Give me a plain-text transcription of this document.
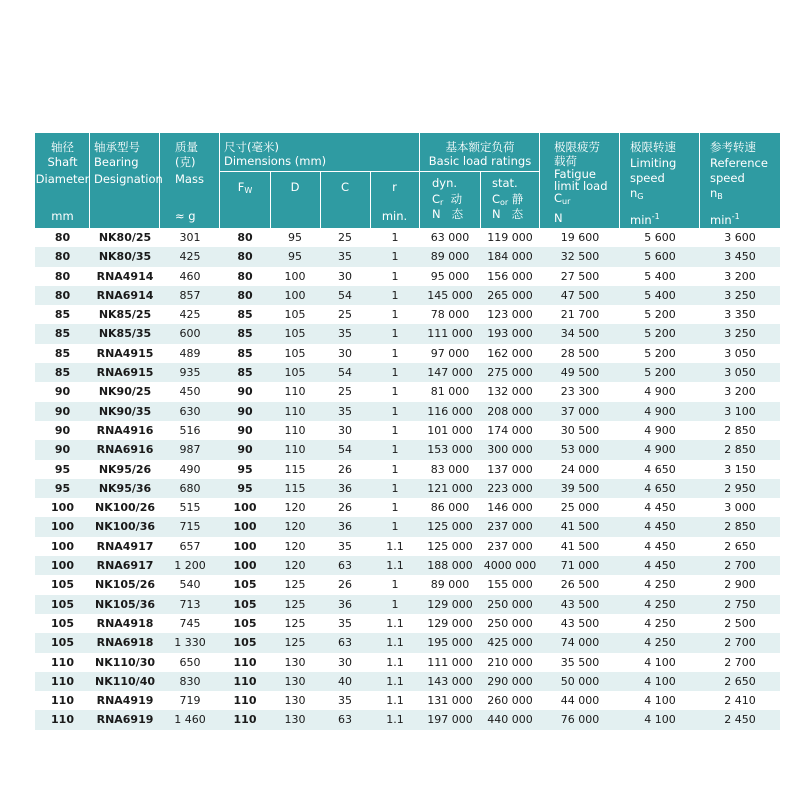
轴径
Shaft
Diameter
mm
轴承型号
Bearing
Designation
质量
(克)
Mass
≈ g
尺寸(毫米)
Dimensions (mm)
$F_W$	D	C	r
min.
基本额定负荷
Basic load ratings
dyn.
$C_r$ 动
N 态
stat.
$C_{or}$ 静
N 态
极限疲劳
载荷
Fatigue
limit load
$C_{ur}$
N
极限转速
Limiting
speed
$n_G$
$\min^{-1}$
参考转速
Reference
speed
$n_B$
$\min^{-1}$
80	NK80/25	301	80	95	25	1	63 000	119 000	19 600	5 600	3 600
80	NK80/35	425	80	95	35	1	89 000	184 000	32 500	5 600	3 450
80	RNA4914	460	80	100	30	1	95 000	156 000	27 500	5 400	3 200
80	RNA6914	857	80	100	54	1	145 000	265 000	47 500	5 400	3 250
85	NK85/25	425	85	105	25	1	78 000	123 000	21 700	5 200	3 350
85	NK85/35	600	85	105	35	1	111 000	193 000	34 500	5 200	3 250
85	RNA4915	489	85	105	30	1	97 000	162 000	28 500	5 200	3 050
85	RNA6915	935	85	105	54	1	147 000	275 000	49 500	5 200	3 050
90	NK90/25	450	90	110	25	1	81 000	132 000	23 300	4 900	3 200
90	NK90/35	630	90	110	35	1	116 000	208 000	37 000	4 900	3 100
90	RNA4916	516	90	110	30	1	101 000	174 000	30 500	4 900	2 850
90	RNA6916	987	90	110	54	1	153 000	300 000	53 000	4 900	2 850
95	NK95/26	490	95	115	26	1	83 000	137 000	24 000	4 650	3 150
95	NK95/36	680	95	115	36	1	121 000	223 000	39 500	4 650	2 950
100	NK100/26	515	100	120	26	1	86 000	146 000	25 000	4 450	3 000
100	NK100/36	715	100	120	36	1	125 000	237 000	41 500	4 450	2 850
100	RNA4917	657	100	120	35	1.1	125 000	237 000	41 500	4 450	2 650
100	RNA6917	1 200	100	120	63	1.1	188 000	4000 000	71 000	4 450	2 700
105	NK105/26	540	105	125	26	1	89 000	155 000	26 500	4 250	2 900
105	NK105/36	713	105	125	36	1	129 000	250 000	43 500	4 250	2 750
105	RNA4918	745	105	125	35	1.1	129 000	250 000	43 500	4 250	2 500
105	RNA6918	1 330	105	125	63	1.1	195 000	425 000	74 000	4 250	2 700
110	NK110/30	650	110	130	30	1.1	111 000	210 000	35 500	4 100	2 700
110	NK110/40	830	110	130	40	1.1	143 000	290 000	50 000	4 100	2 650
110	RNA4919	719	110	130	35	1.1	131 000	260 000	44 000	4 100	2 410
110	RNA6919	1 460	110	130	63	1.1	197 000	440 000	76 000	4 100	2 450
